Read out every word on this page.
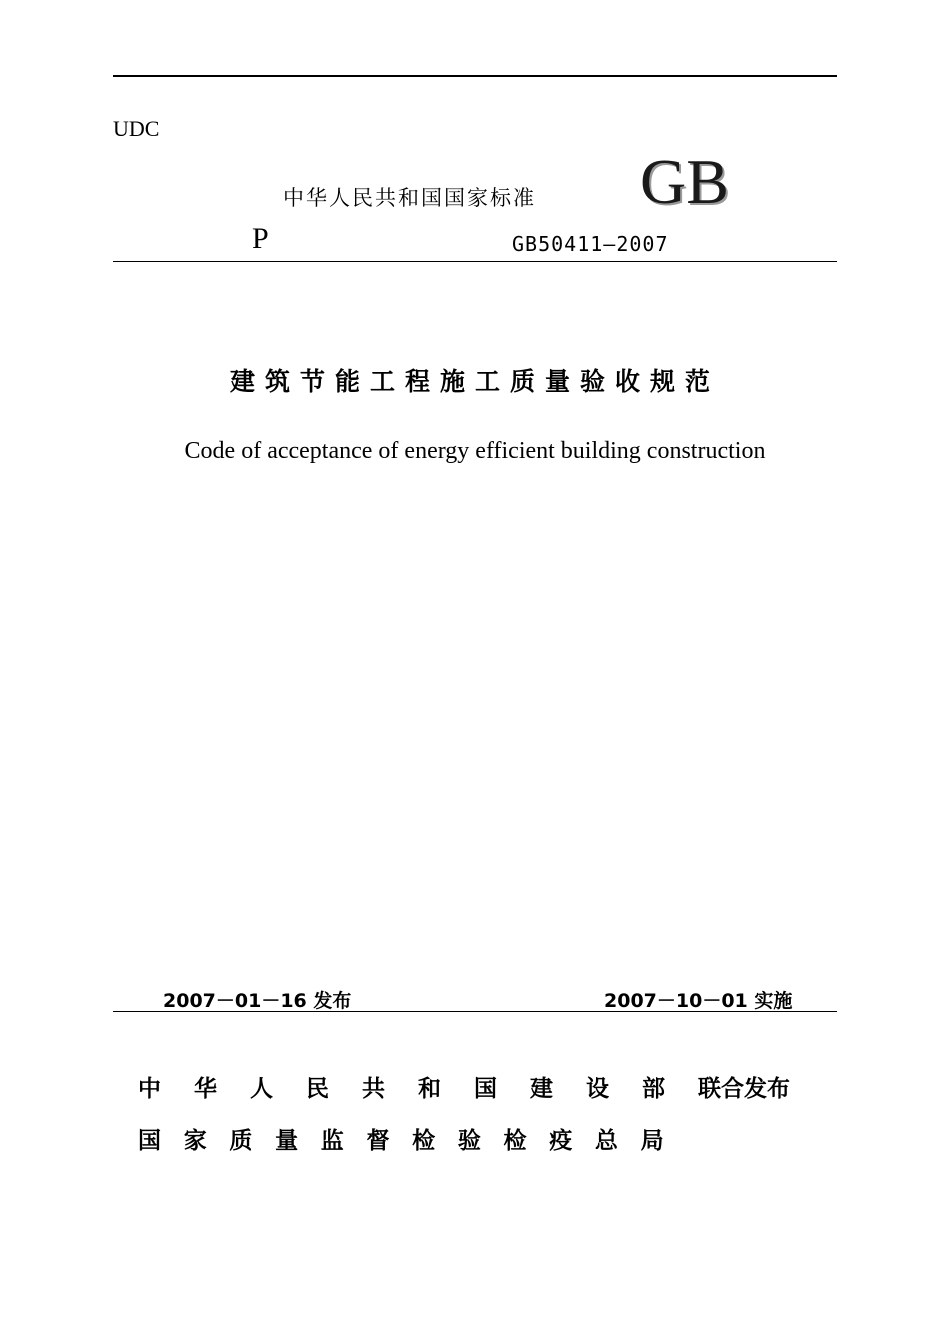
UDC
中华人民共和国国家标准 GB
P	GB50411—2007
建筑节能工程施工质量验收规范
Code of acceptance of energy efficient building construction
2007－01－16 发布	2007－10－01 实施
中 华 人 民 共 和 国 建 设 部 联合发布
国 家 质 量 监 督 检 验 检 疫 总 局
